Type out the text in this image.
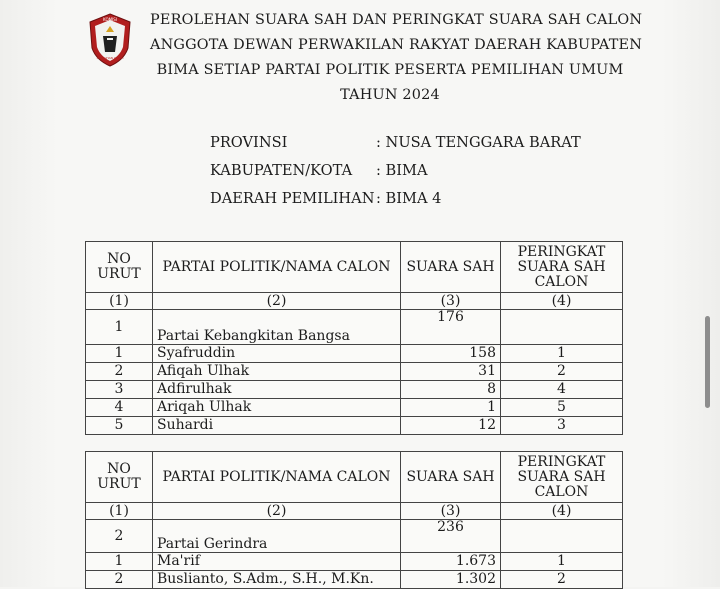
KOMISI
PEMILIHAN UMUM
PEROLEHAN SUARA SAH DAN PERINGKAT SUARA SAH CALON
ANGGOTA DEWAN PERWAKILAN RAKYAT DAERAH KABUPATEN
BIMA SETIAP PARTAI POLITIK PESERTA PEMILIHAN UMUM
TAHUN 2024
PROVINSI	: NUSA TENGGARA BARAT
KABUPATEN/KOTA : BIMA
DAERAH PEMILIHAN : BIMA 4
NO
URUT	PARTAI POLITIK/NAMA CALON	SUARA SAH	PERINGKAT
SUARA SAH
CALON
(1)	(2)	(3)	(4)
1	Partai Kebangkitan Bangsa	176	
1	Syafruddin	158	1
2	Afiqah Ulhak	31	2
3	Adfirulhak	8	4
4	Ariqah Ulhak	1	5
5	Suhardi	12	3
NO
URUT	PARTAI POLITIK/NAMA CALON	SUARA SAH	PERINGKAT
SUARA SAH
CALON
(1)	(2)	(3)	(4)
2	Partai Gerindra	236	
1	Ma'rif	1.673	1
2	Buslianto, S.Adm., S.H., M.Kn.	1.302	2
